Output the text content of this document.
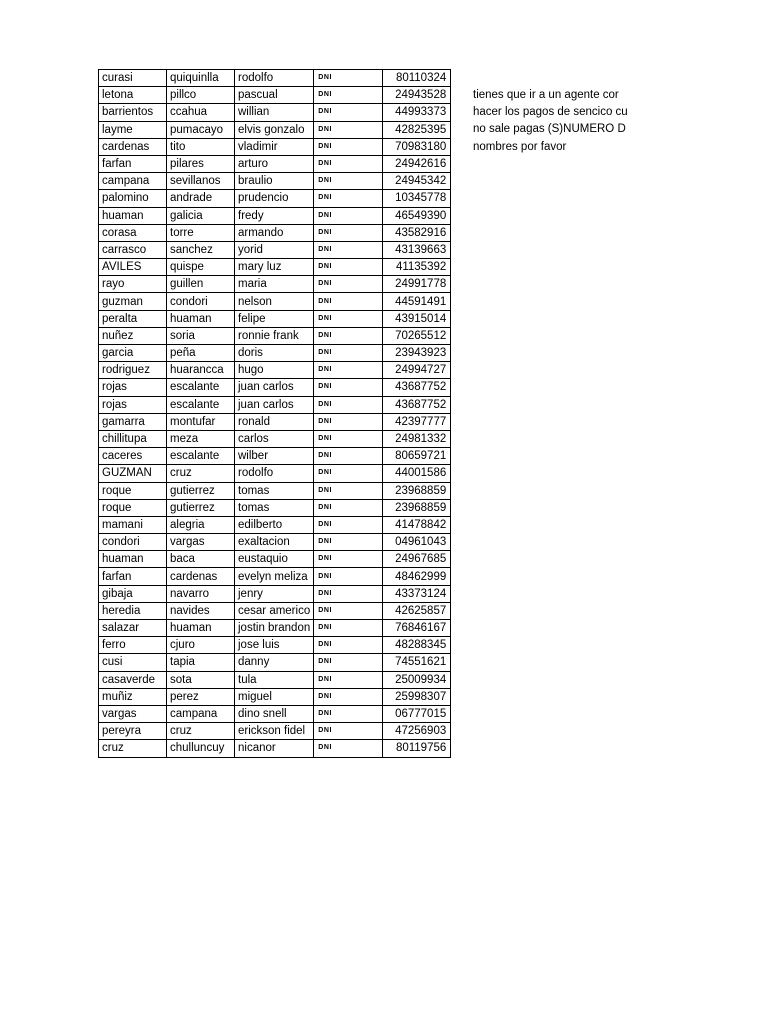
curasi	quiquinlla	rodolfo	DNI	80110324
letona	pillco	pascual	DNI	24943528
barrientos	ccahua	willian	DNI	44993373
layme	pumacayo	elvis gonzalo	DNI	42825395
cardenas	tito	vladimir	DNI	70983180
farfan	pilares	arturo	DNI	24942616
campana	sevillanos	braulio	DNI	24945342
palomino	andrade	prudencio	DNI	10345778
huaman	galicia	fredy	DNI	46549390
corasa	torre	armando	DNI	43582916
carrasco	sanchez	yorid	DNI	43139663
AVILES	quispe	mary luz	DNI	41135392
rayo	guillen	maria	DNI	24991778
guzman	condori	nelson	DNI	44591491
peralta	huaman	felipe	DNI	43915014
nuñez	soria	ronnie frank	DNI	70265512
garcia	peña	doris	DNI	23943923
rodriguez	huarancca	hugo	DNI	24994727
rojas	escalante	juan carlos	DNI	43687752
rojas	escalante	juan carlos	DNI	43687752
gamarra	montufar	ronald	DNI	42397777
chillitupa	meza	carlos	DNI	24981332
caceres	escalante	wilber	DNI	80659721
GUZMAN	cruz	rodolfo	DNI	44001586
roque	gutierrez	tomas	DNI	23968859
roque	gutierrez	tomas	DNI	23968859
mamani	alegria	edilberto	DNI	41478842
condori	vargas	exaltacion	DNI	04961043
huaman	baca	eustaquio	DNI	24967685
farfan	cardenas	evelyn meliza	DNI	48462999
gibaja	navarro	jenry	DNI	43373124
heredia	navides	cesar americo	DNI	42625857
salazar	huaman	jostin brandon	DNI	76846167
ferro	cjuro	jose luis	DNI	48288345
cusi	tapia	danny	DNI	74551621
casaverde	sota	tula	DNI	25009934
muñiz	perez	miguel	DNI	25998307
vargas	campana	dino snell	DNI	06777015
pereyra	cruz	erickson fidel	DNI	47256903
cruz	chulluncuy	nicanor	DNI	80119756
tienes que ir a un agente cor
hacer los pagos de sencico cu
no sale pagas (S)NUMERO D
nombres por favor
